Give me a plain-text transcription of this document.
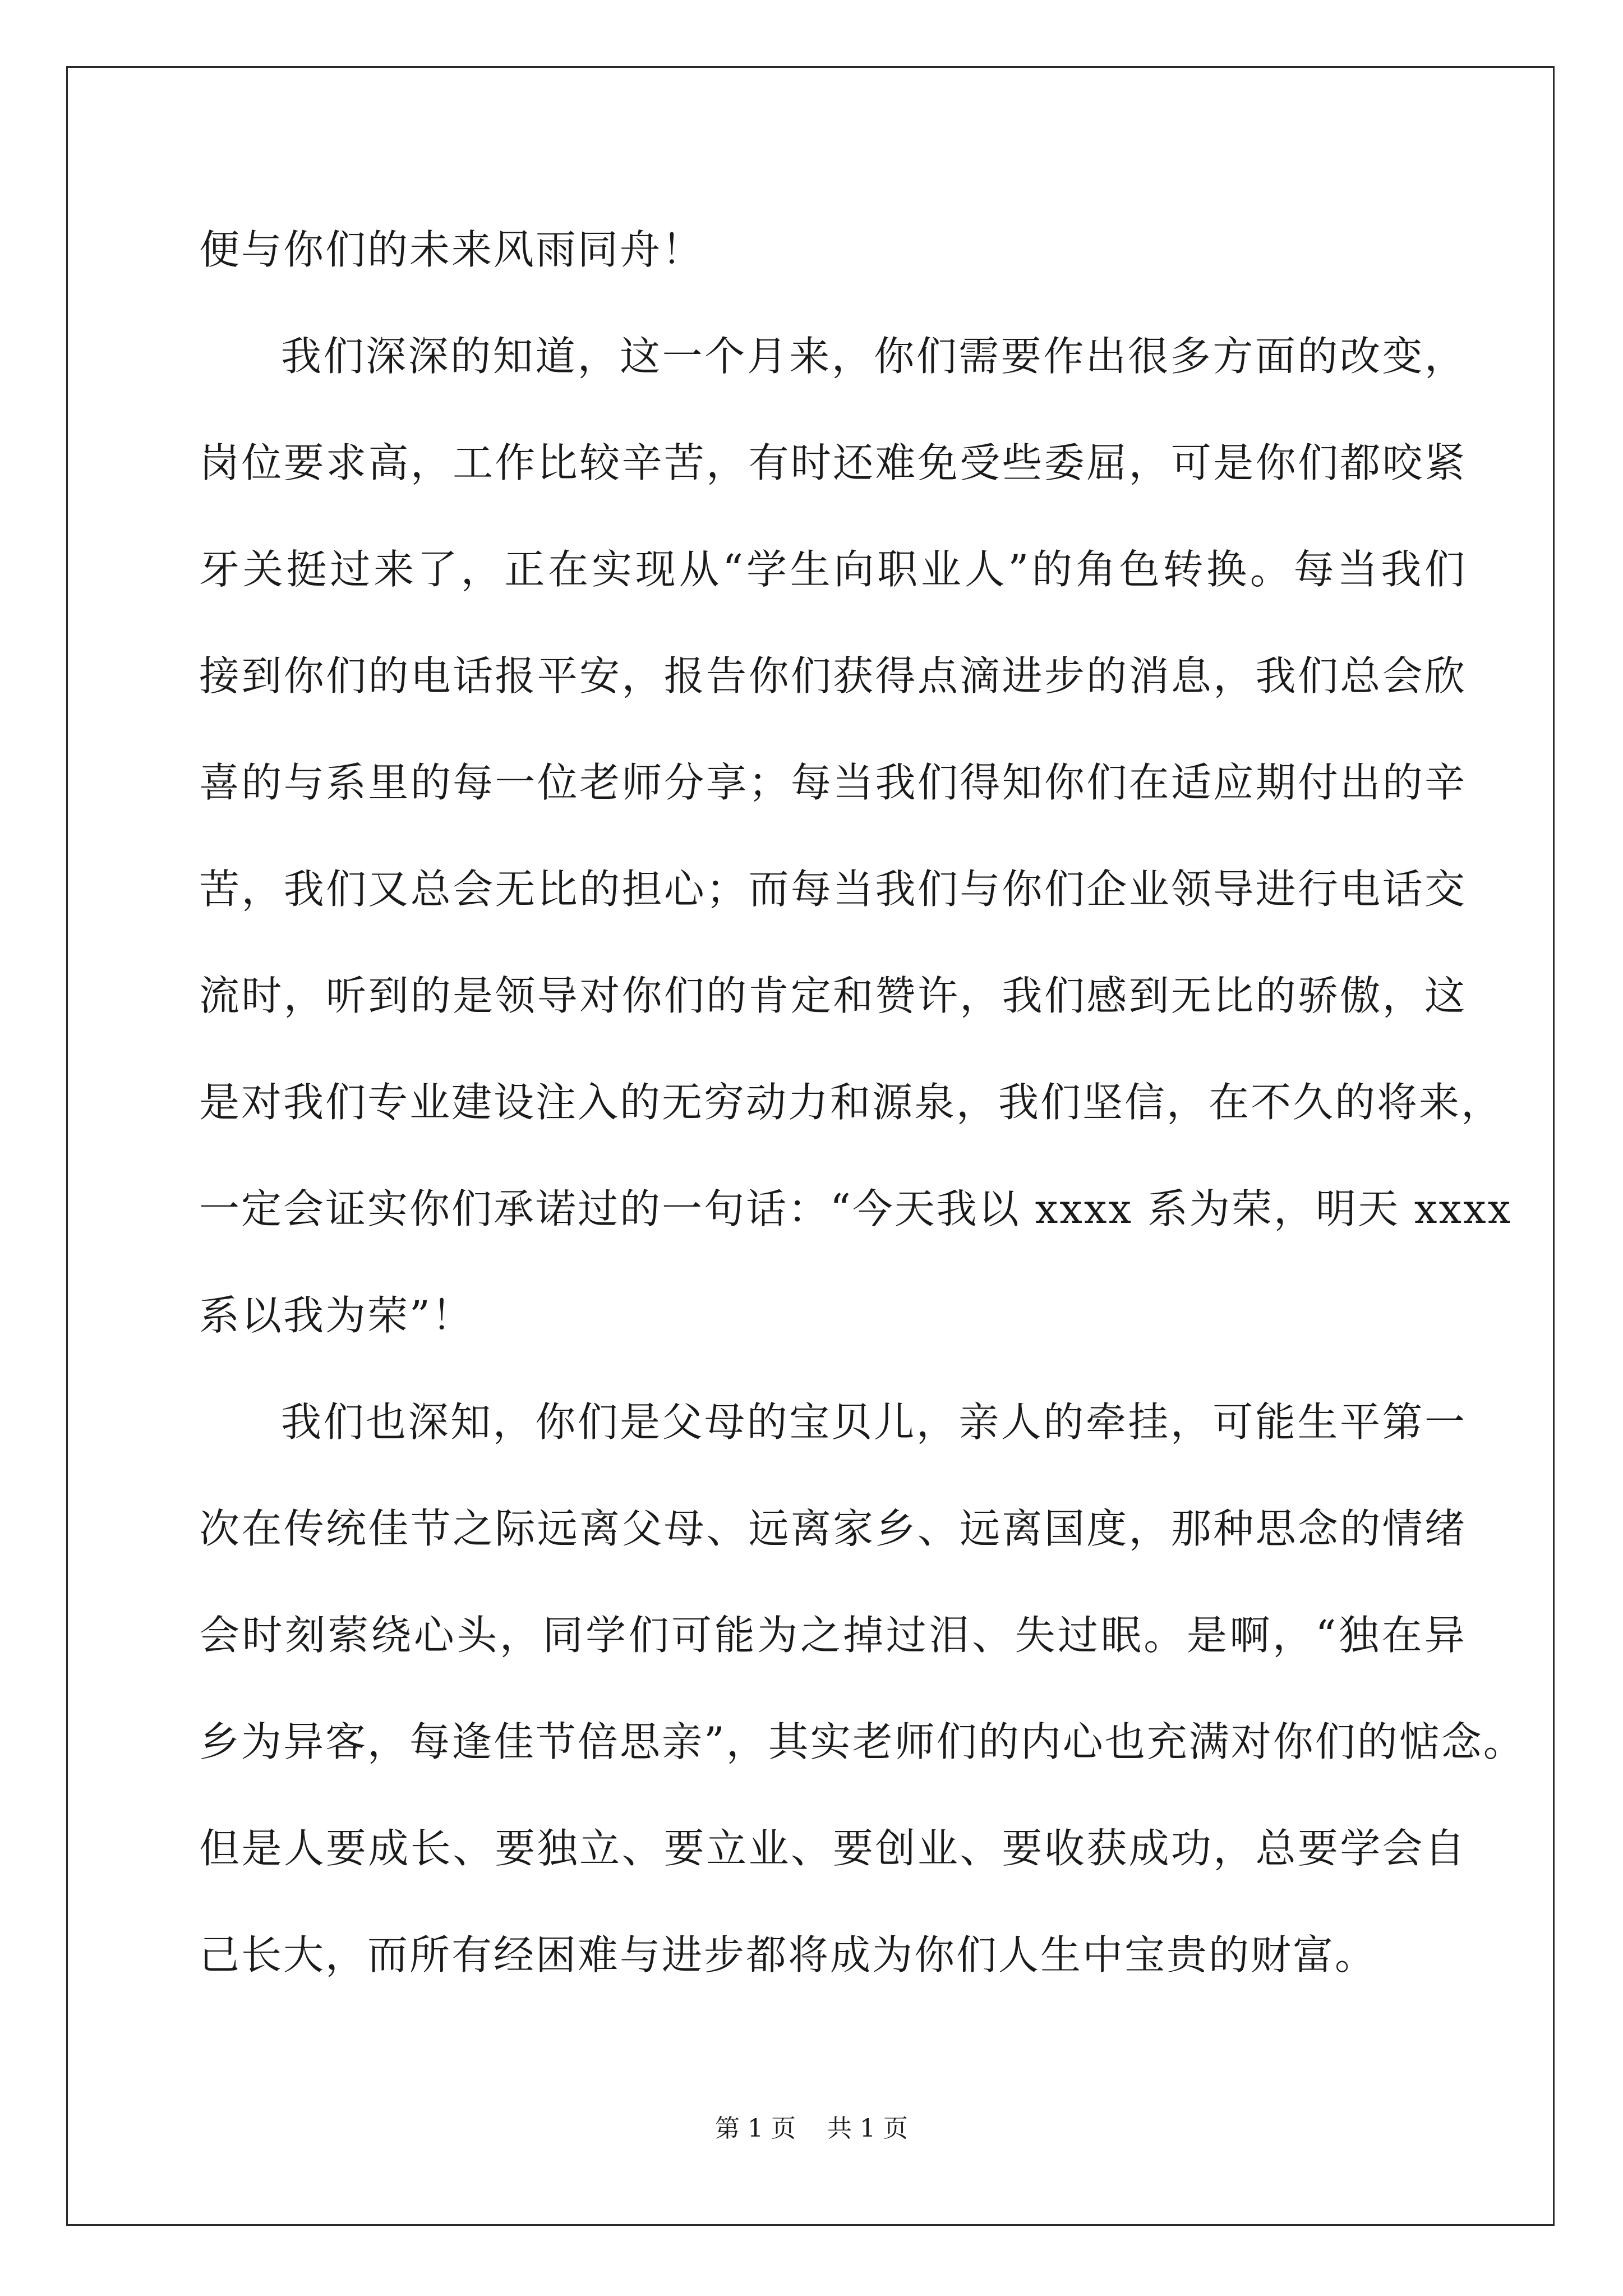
便与你们的未来风雨同舟！
我们深深的知道，这一个月来，你们需要作出很多方面的改变，
岗位要求高，工作比较辛苦，有时还难免受些委屈，可是你们都咬紧
牙关挺过来了，正在实现从“学生向职业人”的角色转换。每当我们
接到你们的电话报平安，报告你们获得点滴进步的消息，我们总会欣
喜的与系里的每一位老师分享；每当我们得知你们在适应期付出的辛
苦，我们又总会无比的担心；而每当我们与你们企业领导进行电话交
流时，听到的是领导对你们的肯定和赞许，我们感到无比的骄傲，这
是对我们专业建设注入的无穷动力和源泉，我们坚信，在不久的将来，
一定会证实你们承诺过的一句话：“今天我以 xxxx 系为荣，明天 xxxx
系以我为荣”！
我们也深知，你们是父母的宝贝儿，亲人的牵挂，可能生平第一
次在传统佳节之际远离父母、远离家乡、远离国度，那种思念的情绪
会时刻萦绕心头，同学们可能为之掉过泪、失过眠。是啊，“独在异
乡为异客，每逢佳节倍思亲”，其实老师们的内心也充满对你们的惦念。
但是人要成长、要独立、要立业、要创业、要收获成功，总要学会自
己长大，而所有经困难与进步都将成为你们人生中宝贵的财富。
第 1 页 共 1 页
